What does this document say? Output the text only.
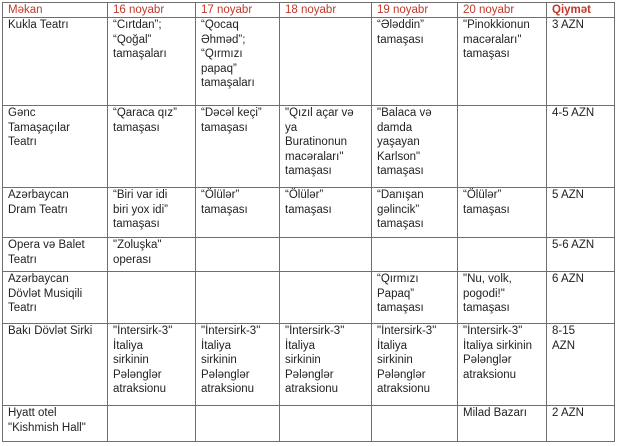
Məkan	16 noyabr	17 noyabr	18 noyabr	19 noyabr	20 noyabr	Qiymət
Kukla Teatrı	“Cırtdan”;
“Qoğal”
tamaşaları	“Qocaq
Əhməd”;
“Qırmızı
papaq”
tamaşaları		“Ələddin”
tamaşası	"Pinokkionun
macəraları"
tamaşası	3 AZN
Gənc
Tamaşaçılar
Teatrı	“Qaraca qız”
tamaşası	“Dəcəl keçi”
tamaşası	"Qızıl açar və
ya
Buratinonun
macəraları"
tamaşası	"Balaca və
damda
yaşayan
Karlson"
tamaşası		4-5 AZN
Azərbaycan
Dram Teatrı	“Biri var idi
biri yox idi”
tamaşası	“Ölülər”
tamaşası	“Ölülər”
tamaşası	“Danışan
gəlincik”
tamaşası	“Ölülər”
tamaşası	5 AZN
Opera və Balet
Teatrı	"Zoluşka"
operası					5-6 AZN
Azərbaycan
Dövlət Musiqili
Teatrı				“Qırmızı
Papaq”
tamaşası	"Nu, volk,
pogodi!"
tamaşası	6 AZN
Bakı Dövlət Sirki	"İntersirk-3"
İtaliya
sirkinin
Pələnglər
atraksionu	"İntersirk-3"
İtaliya
sirkinin
Pələnglər
atraksionu	"İntersirk-3"
İtaliya
sirkinin
Pələnglər
atraksionu	"İntersirk-3"
İtaliya
sirkinin
Pələnglər
atraksionu	"İntersirk-3"
İtaliya sirkinin
Pələnglər
atraksionu	8-15
AZN
Hyatt otel
"Kishmish Hall"					Milad Bazarı	2 AZN
